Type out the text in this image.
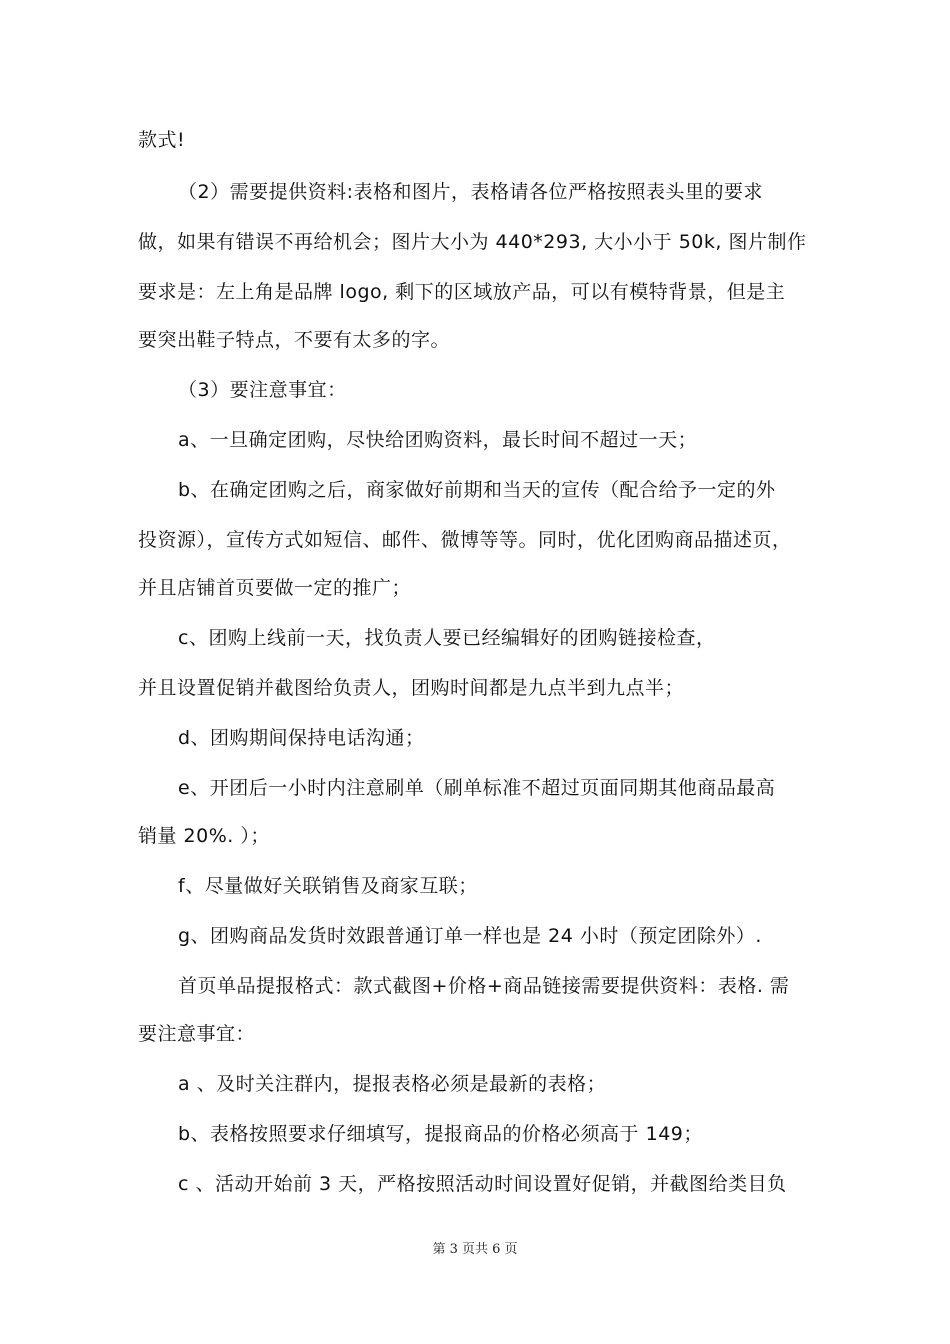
款式!
（2）需要提供资料:表格和图片，表格请各位严格按照表头里的要求
做，如果有错误不再给机会；图片大小为 440*293, 大小小于 50k, 图片制作
要求是：左上角是品牌 logo, 剩下的区域放产品，可以有模特背景，但是主
要突出鞋子特点，不要有太多的字。
（3）要注意事宜：
a、一旦确定团购，尽快给团购资料，最长时间不超过一天；
b、在确定团购之后，商家做好前期和当天的宣传（配合给予一定的外
投资源），宣传方式如短信、邮件、微博等等。同时，优化团购商品描述页，
并且店铺首页要做一定的推广；
c、团购上线前一天，找负责人要已经编辑好的团购链接检查，
并且设置促销并截图给负责人，团购时间都是九点半到九点半；
d、团购期间保持电话沟通；
e、开团后一小时内注意刷单（刷单标准不超过页面同期其他商品最高
销量 20%. ）；
f、尽量做好关联销售及商家互联；
g、团购商品发货时效跟普通订单一样也是 24 小时（预定团除外）.
首页单品提报格式：款式截图+价格+商品链接需要提供资料：表格. 需
要注意事宜：
a 、及时关注群内，提报表格必须是最新的表格；
b、表格按照要求仔细填写，提报商品的价格必须高于 149；
c 、活动开始前 3 天，严格按照活动时间设置好促销，并截图给类目负
第 3 页共 6 页
